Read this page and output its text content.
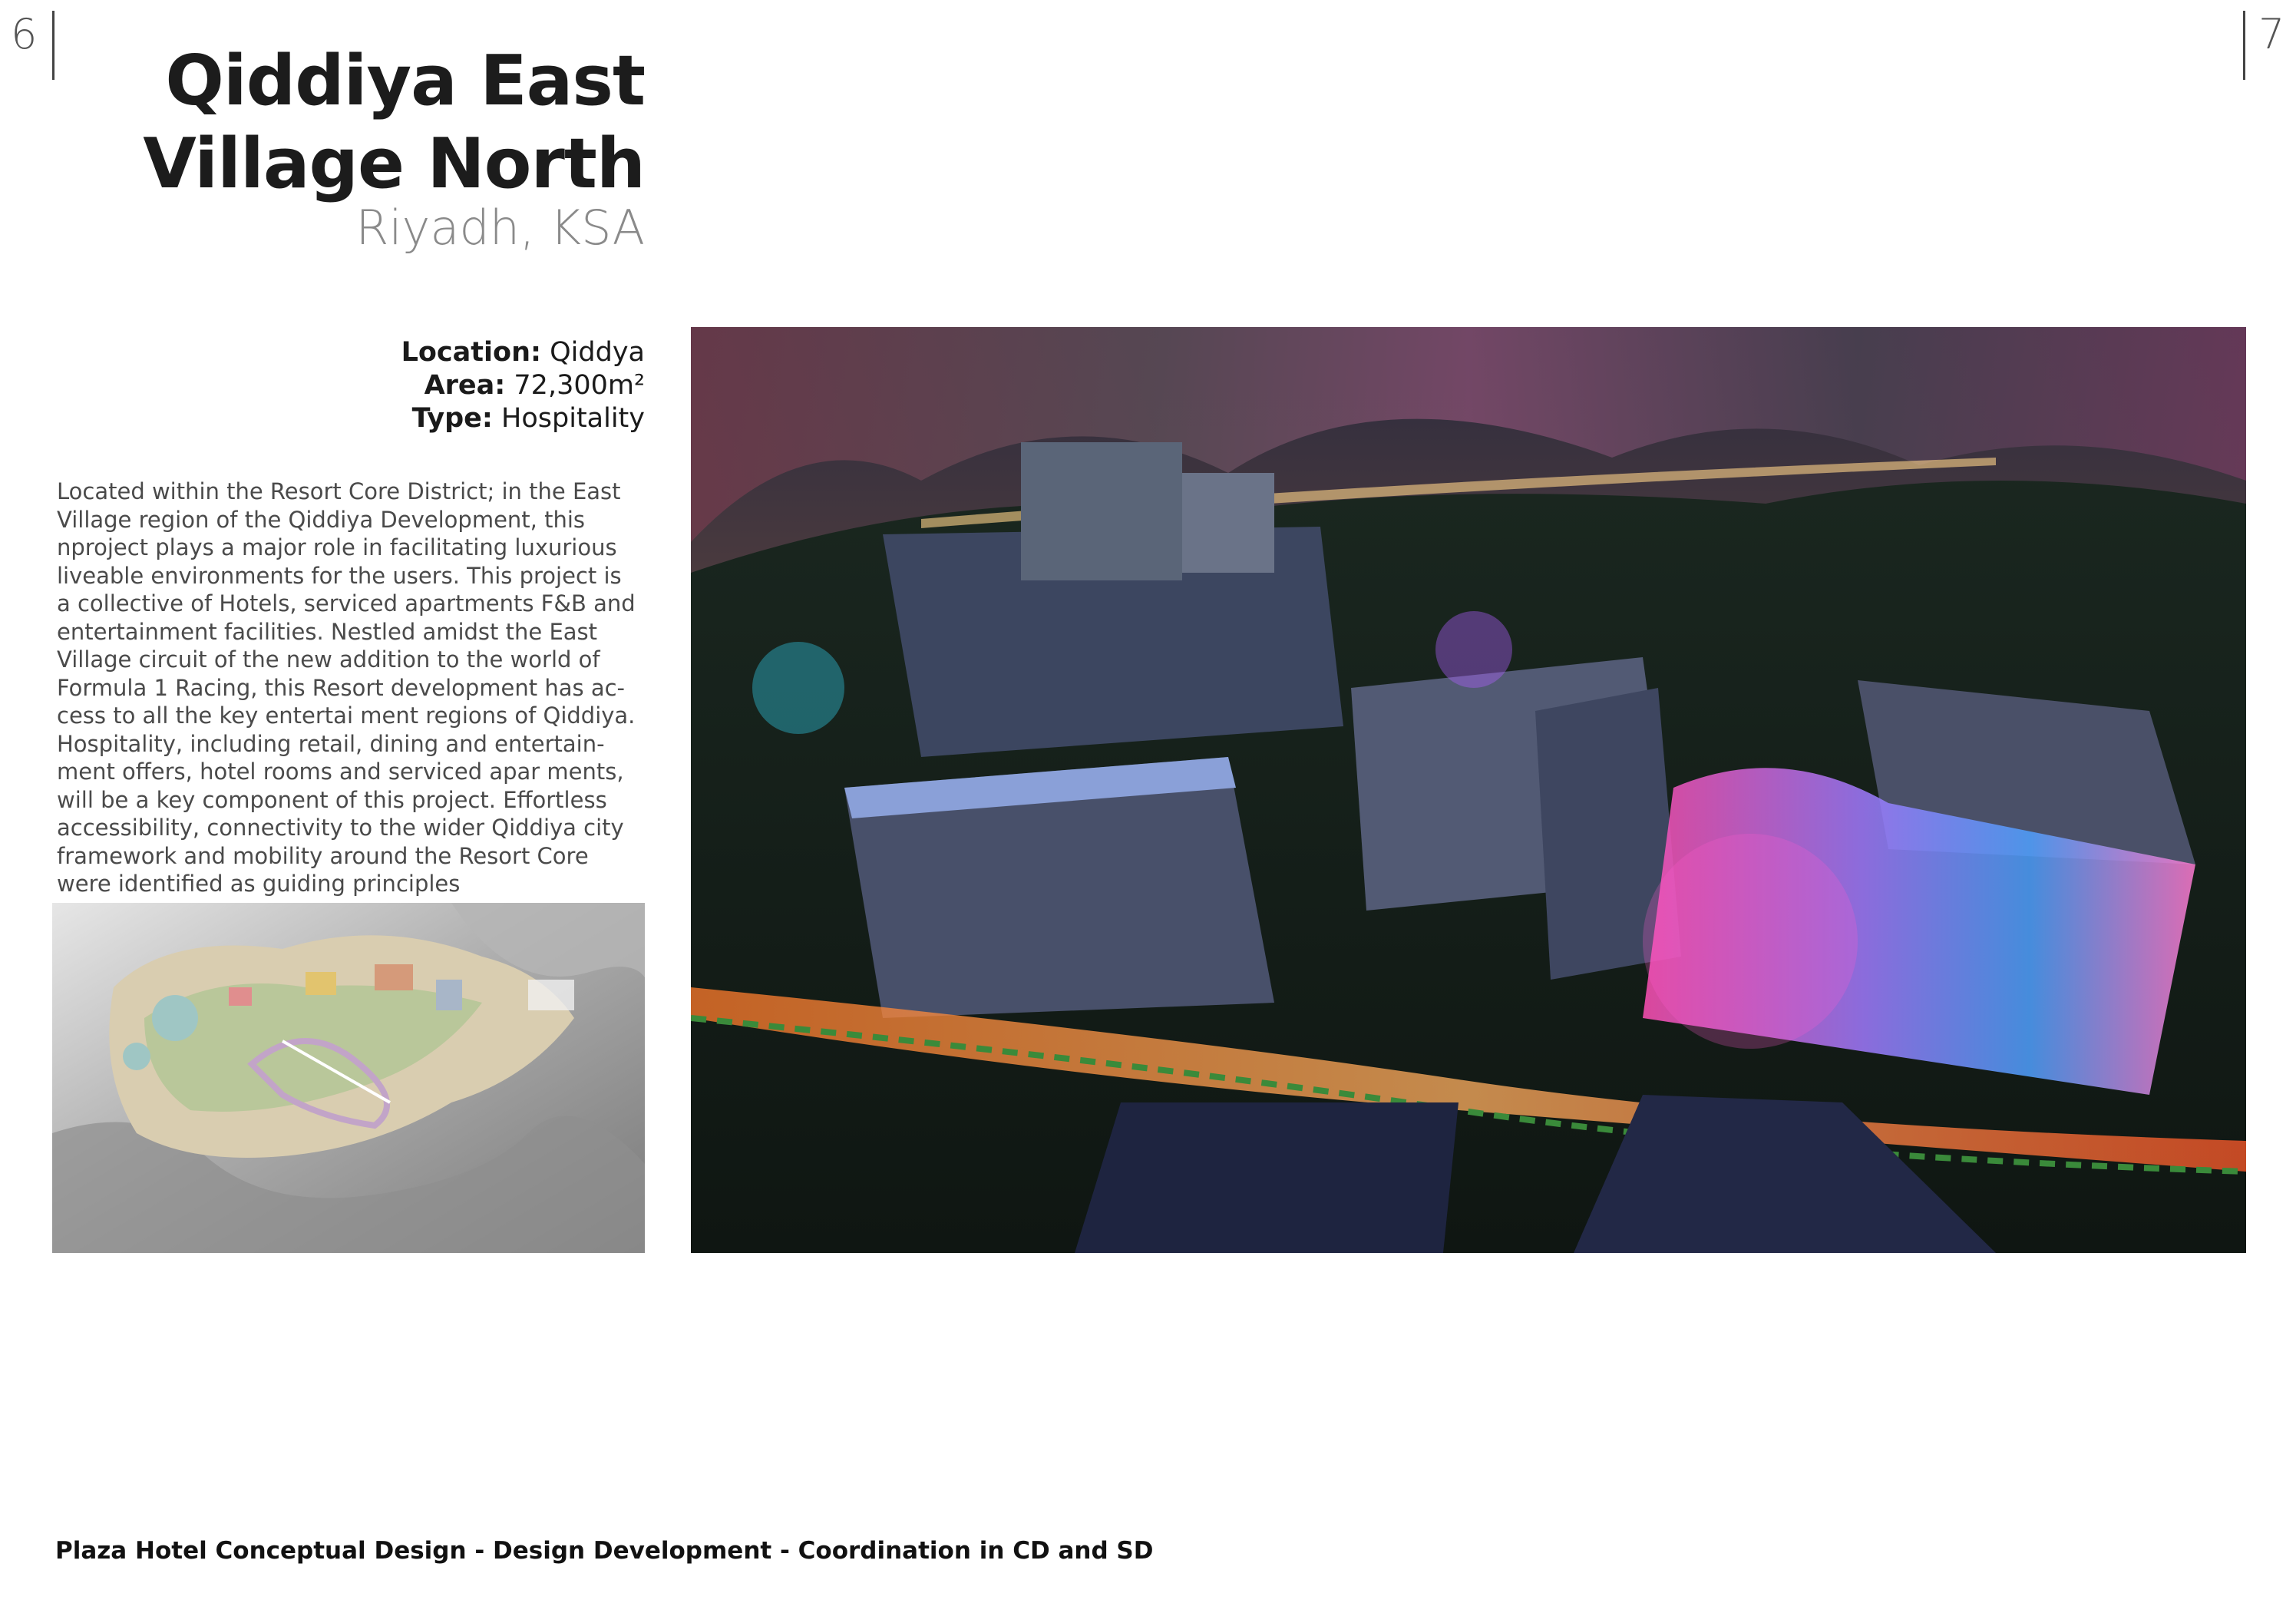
6	7
Qiddiya East
Village North
Riyadh, KSA
Location: Qiddya
Area: 72,300m²
Type: Hospitality
Located within the Resort Core District; in the East
Village region of the Qiddiya Development, this
nproject plays a major role in facilitating luxurious
liveable environments for the users. This project is
a collective of Hotels, serviced apartments F&B and
entertainment facilities. Nestled amidst the East
Village circuit of the new addition to the world of
Formula 1 Racing, this Resort development has ac-
cess to all the key entertai ment regions of Qiddiya.
Hospitality, including retail, dining and entertain-
ment offers, hotel rooms and serviced apar ments,
will be a key component of this project. Effortless
accessibility, connectivity to the wider Qiddiya city
framework and mobility around the Resort Core
were identified as guiding principles
Plaza Hotel Conceptual Design - Design Development - Coordination in CD and SD
